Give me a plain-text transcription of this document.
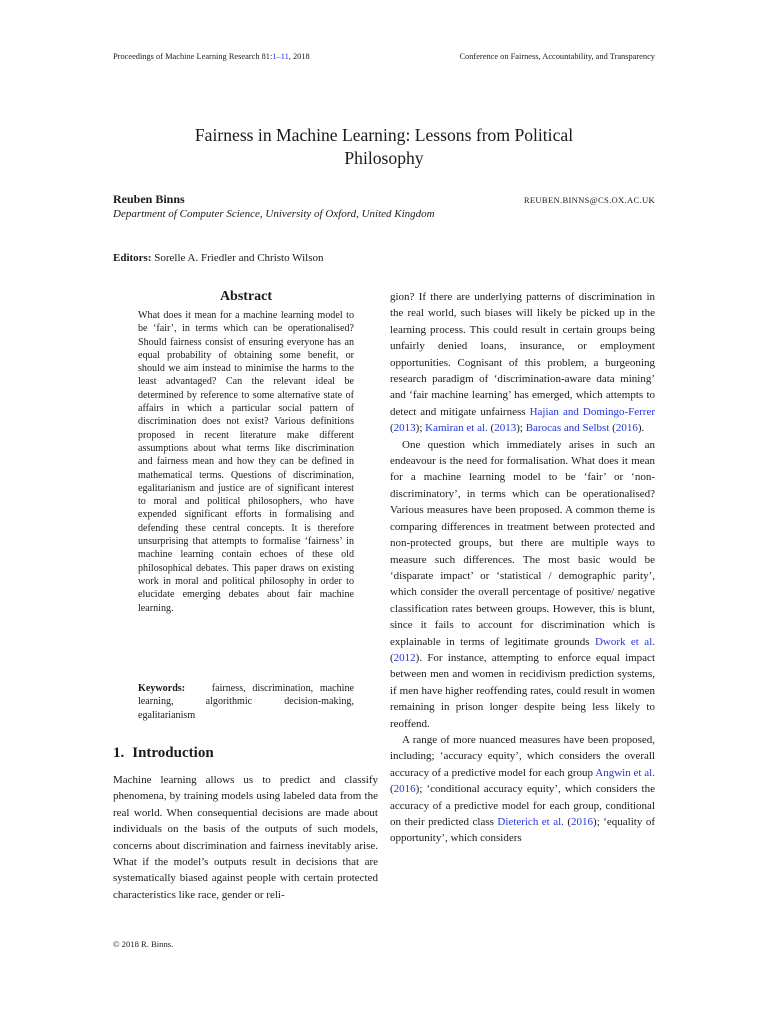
Proceedings of Machine Learning Research 81:1–11, 2018	Conference on Fairness, Accountability, and Transparency
Fairness in Machine Learning: Lessons from Political
Philosophy
Reuben Binns	REUBEN.BINNS@CS.OX.AC.UK
Department of Computer Science, University of Oxford, United Kingdom
Editors: Sorelle A. Friedler and Christo Wilson
Abstract
What does it mean for a machine learning model to be ‘fair’, in terms which can be operationalised? Should fairness consist of ensuring everyone has an equal probability of obtaining some benefit, or should we aim instead to minimise the harms to the least advantaged? Can the relevant ideal be determined by reference to some alternative state of affairs in which a particular social pattern of discrimination does not exist? Various definitions proposed in recent literature make different assumptions about what terms like discrimination and fairness mean and how they can be defined in mathematical terms. Questions of discrimination, egalitarianism and justice are of significant interest to moral and political philosophers, who have expended significant efforts in formalising and defending these central concepts. It is therefore unsurprising that attempts to formalise ‘fairness’ in machine learning contain echoes of these old philosophical debates. This paper draws on existing work in moral and political philosophy in order to elucidate emerging debates about fair machine learning.
Keywords:	fairness, discrimination, machine learning, algorithmic decision-making, egalitarianism
1. Introduction
Machine learning allows us to predict and classify phenomena, by training models using labeled data from the real world. When consequential decisions are made about individuals on the basis of the outputs of such models, concerns about discrimination and fairness inevitably arise. What if the model’s outputs result in decisions that are systematically biased against people with certain protected characteristics like race, gender or reli-

gion? If there are underlying patterns of discrimination in the real world, such biases will likely be picked up in the learning process. This could result in certain groups being unfairly denied loans, insurance, or employment opportunities. Cognisant of this problem, a burgeoning research paradigm of ‘discrimination-aware data mining’ and ‘fair machine learning’ has emerged, which attempts to detect and mitigate unfairness Hajian and Domingo-Ferrer (2013); Kamiran et al. (2013); Barocas and Selbst (2016).

One question which immediately arises in such an endeavour is the need for formalisation. What does it mean for a machine learning model to be ‘fair’ or ‘non-discriminatory’, in terms which can be operationalised? Various measures have been proposed. A common theme is comparing differences in treatment between protected and non-protected groups, but there are multiple ways to measure such differences. The most basic would be ‘disparate impact’ or ‘statistical / demographic parity’, which consider the overall percentage of positive/ negative classification rates between groups. However, this is blunt, since it fails to account for discrimination which is explainable in terms of legitimate grounds Dwork et al. (2012). For instance, attempting to enforce equal impact between men and women in recidivism prediction systems, if men have higher reoffending rates, could result in women remaining in prison longer despite being less likely to reoffend.

A range of more nuanced measures have been proposed, including; ‘accuracy equity’, which considers the overall accuracy of a predictive model for each group Angwin et al. (2016); ‘conditional accuracy equity’, which considers the accuracy of a predictive model for each group, conditional on their predicted class Dieterich et al. (2016); ‘equality of opportunity’, which considers

© 2018 R. Binns.
